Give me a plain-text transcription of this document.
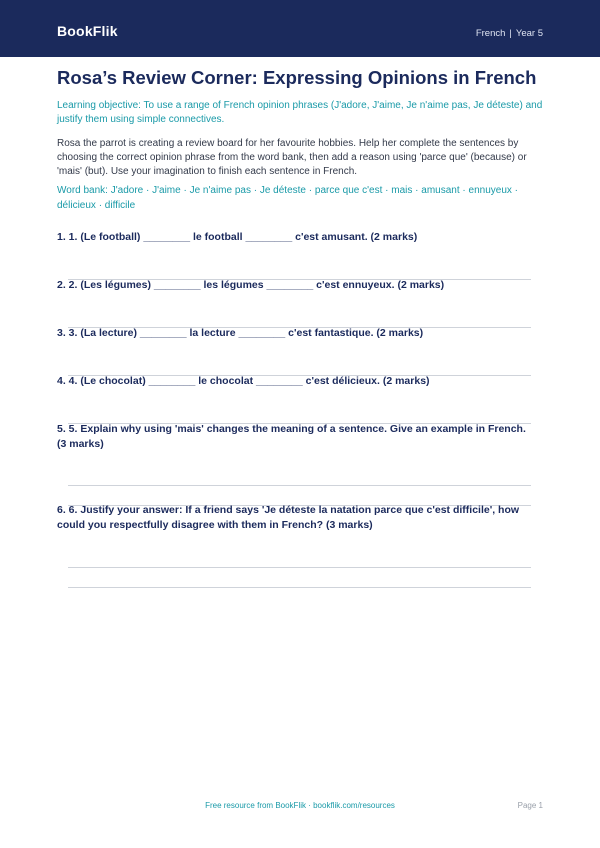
BookFlik	French | Year 5
Rosa’s Review Corner: Expressing Opinions in French
Learning objective: To use a range of French opinion phrases (J'adore, J'aime, Je n'aime pas, Je déteste) and justify them using simple connectives.
Rosa the parrot is creating a review board for her favourite hobbies. Help her complete the sentences by choosing the correct opinion phrase from the word bank, then add a reason using 'parce que' (because) or 'mais' (but). Use your imagination to finish each sentence in French.
Word bank: J'adore · J'aime · Je n'aime pas · Je déteste · parce que c'est · mais · amusant · ennuyeux · délicieux · difficile
1. 1. (Le football) ________ le football ________ c'est amusant. (2 marks)
2. 2. (Les légumes) ________ les légumes ________ c'est ennuyeux. (2 marks)
3. 3. (La lecture) ________ la lecture ________ c'est fantastique. (2 marks)
4. 4. (Le chocolat) ________ le chocolat ________ c'est délicieux. (2 marks)
5. 5. Explain why using 'mais' changes the meaning of a sentence. Give an example in French. (3 marks)
6. 6. Justify your answer: If a friend says 'Je déteste la natation parce que c'est difficile', how could you respectfully disagree with them in French? (3 marks)
Free resource from BookFlik · bookflik.com/resources	Page 1
